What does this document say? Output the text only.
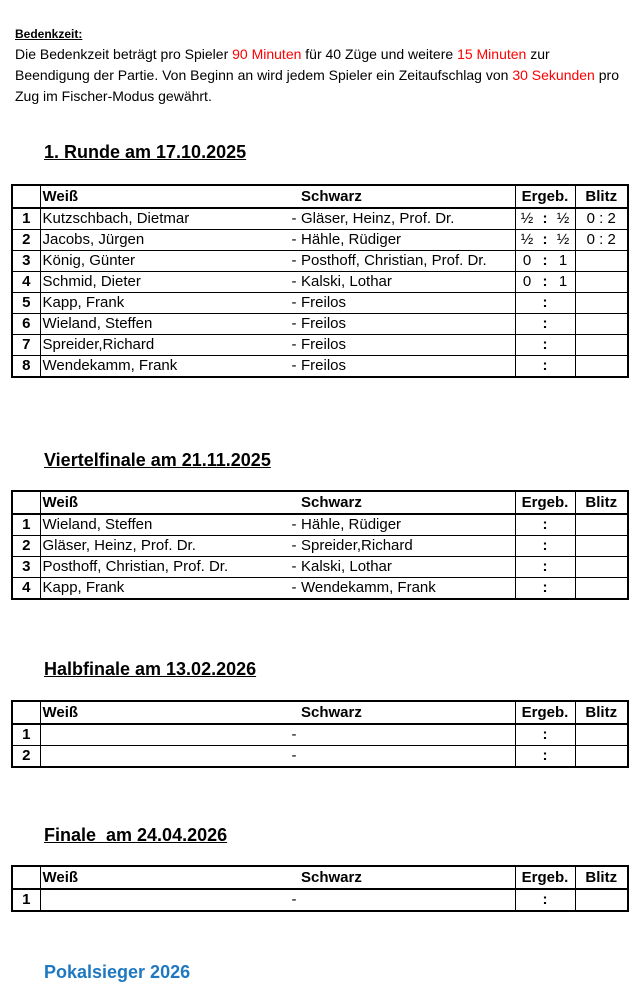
Bedenkzeit:
Die Bedenkzeit beträgt pro Spieler 90 Minuten für 40 Züge und weitere 15 Minuten zur
Beendigung der Partie. Von Beginn an wird jedem Spieler ein Zeitaufschlag von 30 Sekunden pro
Zug im Fischer-Modus gewährt.
1. Runde am 17.10.2025
	Weiß	Schwarz	Ergeb.	Blitz
1	Kutzschbach, Dietmar	- Gläser, Heinz, Prof. Dr.	½ : ½	0 : 2
2	Jacobs, Jürgen	- Hähle, Rüdiger	½ : ½	0 : 2
3	König, Günter	- Posthoff, Christian, Prof. Dr.	0 : 1	

4	Schmid, Dieter	- Kalski, Lothar	0 : 1	

5	Kapp, Frank	- Freilos	:	

6	Wieland, Steffen	- Freilos	:	

7	Spreider,Richard	- Freilos	:	

8	Wendekamm, Frank	- Freilos	:	

Viertelfinale am 21.11.2025
	Weiß	Schwarz	Ergeb.	Blitz
1	Wieland, Steffen	- Hähle, Rüdiger	:	

2	Gläser, Heinz, Prof. Dr.	- Spreider,Richard	:	

3	Posthoff, Christian, Prof. Dr.	- Kalski, Lothar	:	

4	Kapp, Frank	- Wendekamm, Frank	:	

Halbfinale am 13.02.2026
	Weiß	Schwarz	Ergeb.	Blitz
1		-	:	

2		-	:	

Finale  am 24.04.2026
	Weiß	Schwarz	Ergeb.	Blitz
1		-	:	

Pokalsieger 2026
